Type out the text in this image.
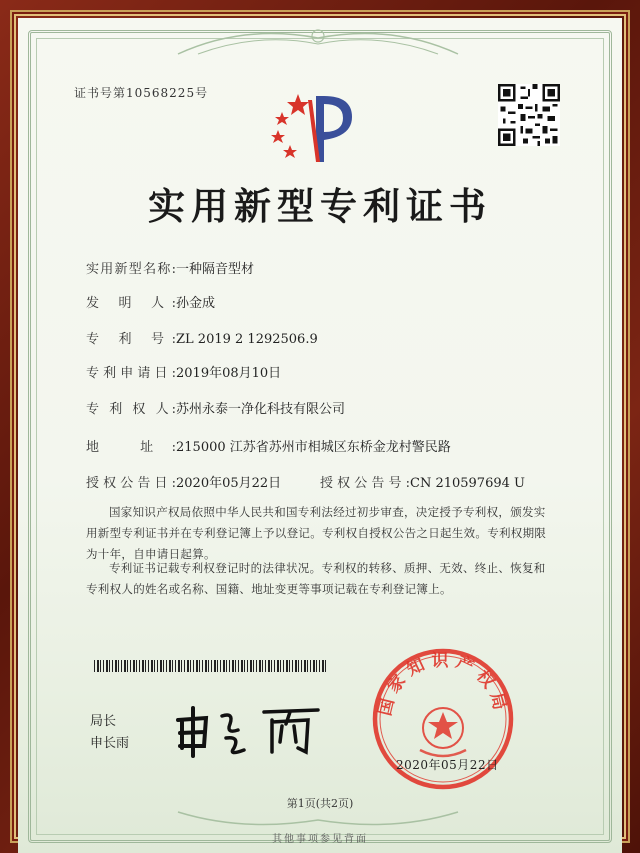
证书号第10568225号
实用新型专利证书
实用新型名称:一种隔音型材
发 明 人:孙金成
专 利 号:ZL 2019 2 1292506.9
专利申请日:2019年08月10日
专 利 权 人:苏州永泰一净化科技有限公司
地 址:215000 江苏省苏州市相城区东桥金龙村警民路
授权公告日:2020年05月22日	授权公告号:CN 210597694 U
国家知识产权局依照中华人民共和国专利法经过初步审查，决定授予专利权，颁发实用新型专利证书并在专利登记簿上予以登记。专利权自授权公告之日起生效。专利权期限为十年，自申请日起算。
专利证书记载专利权登记时的法律状况。专利权的转移、质押、无效、终止、恢复和专利权人的姓名或名称、国籍、地址变更等事项记载在专利登记簿上。
局长
申长雨
国家知识产权局
2020年05月22日
第1页(共2页)
其他事项参见背面
